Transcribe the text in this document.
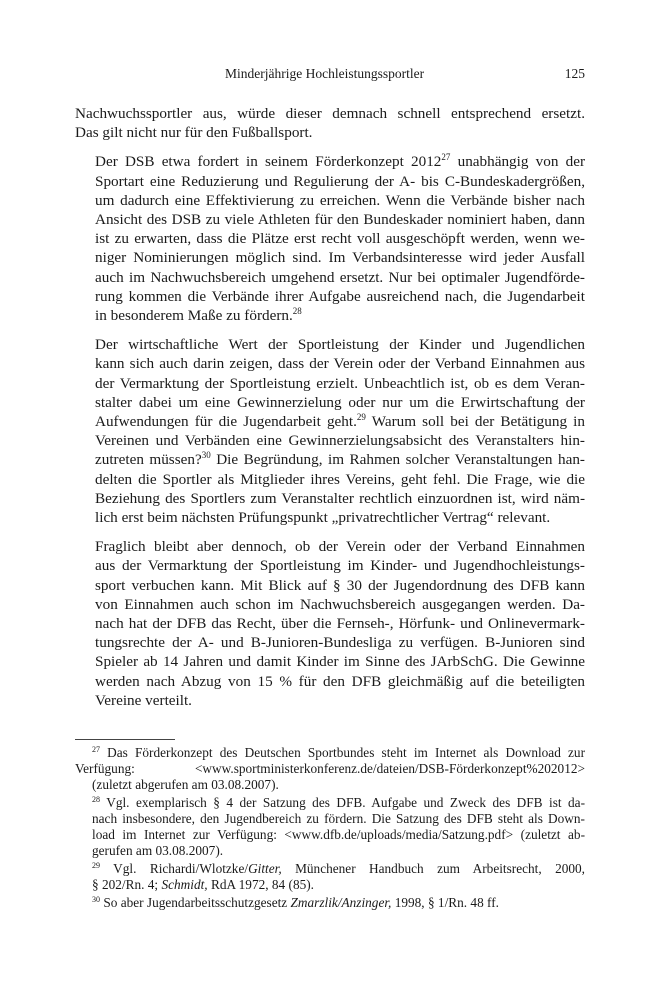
Minderjährige Hochleistungssportler	125

Nachwuchssportler aus, würde dieser demnach schnell entsprechend ersetzt.
Das gilt nicht nur für den Fußballsport.

Der DSB etwa fordert in seinem Förderkonzept 2012$^{27}$ unabhängig von der
Sportart eine Reduzierung und Regulierung der A- bis C-Bundeskadergrößen,
um dadurch eine Effektivierung zu erreichen. Wenn die Verbände bisher nach
Ansicht des DSB zu viele Athleten für den Bundeskader nominiert haben, dann
ist zu erwarten, dass die Plätze erst recht voll ausgeschöpft werden, wenn we-
niger Nominierungen möglich sind. Im Verbandsinteresse wird jeder Ausfall
auch im Nachwuchsbereich umgehend ersetzt. Nur bei optimaler Jugendförde-
rung kommen die Verbände ihrer Aufgabe ausreichend nach, die Jugendarbeit
in besonderem Maße zu fördern.$^{28}$

Der wirtschaftliche Wert der Sportleistung der Kinder und Jugendlichen
kann sich auch darin zeigen, dass der Verein oder der Verband Einnahmen aus
der Vermarktung der Sportleistung erzielt. Unbeachtlich ist, ob es dem Veran-
stalter dabei um eine Gewinnerzielung oder nur um die Erwirtschaftung der
Aufwendungen für die Jugendarbeit geht.$^{29}$ Warum soll bei der Betätigung in
Vereinen und Verbänden eine Gewinnerzielungsabsicht des Veranstalters hin-
zutreten müssen?$^{30}$ Die Begründung, im Rahmen solcher Veranstaltungen han-
delten die Sportler als Mitglieder ihres Vereins, geht fehl. Die Frage, wie die
Beziehung des Sportlers zum Veranstalter rechtlich einzuordnen ist, wird näm-
lich erst beim nächsten Prüfungspunkt „privatrechtlicher Vertrag“ relevant.

Fraglich bleibt aber dennoch, ob der Verein oder der Verband Einnahmen
aus der Vermarktung der Sportleistung im Kinder- und Jugendhochleistungs-
sport verbuchen kann. Mit Blick auf § 30 der Jugendordnung des DFB kann
von Einnahmen auch schon im Nachwuchsbereich ausgegangen werden. Da-
nach hat der DFB das Recht, über die Fernseh-, Hörfunk- und Onlinevermark-
tungsrechte der A- und B-Junioren-Bundesliga zu verfügen. B-Junioren sind
Spieler ab 14 Jahren und damit Kinder im Sinne des JArbSchG. Die Gewinne
werden nach Abzug von 15 % für den DFB gleichmäßig auf die beteiligten
Vereine verteilt.

$^{27}$ Das Förderkonzept des Deutschen Sportbundes steht im Internet als Download zur
Verfügung:	<www.sportministerkonferenz.de/dateien/DSB-Förderkonzept%202012>
(zuletzt abgerufen am 03.08.2007).

$^{28}$ Vgl. exemplarisch § 4 der Satzung des DFB. Aufgabe und Zweck des DFB ist da-
nach insbesondere, den Jugendbereich zu fördern. Die Satzung des DFB steht als Down-
load im Internet zur Verfügung: <www.dfb.de/uploads/media/Satzung.pdf> (zuletzt ab-
gerufen am 03.08.2007).

$^{29}$ Vgl. Richardi/Wlotzke/Gitter, Münchener Handbuch zum Arbeitsrecht, 2000,
§ 202/Rn. 4; Schmidt, RdA 1972, 84 (85).

$^{30}$ So aber Jugendarbeitsschutzgesetz Zmarzlik/Anzinger, 1998, § 1/Rn. 48 ff.
